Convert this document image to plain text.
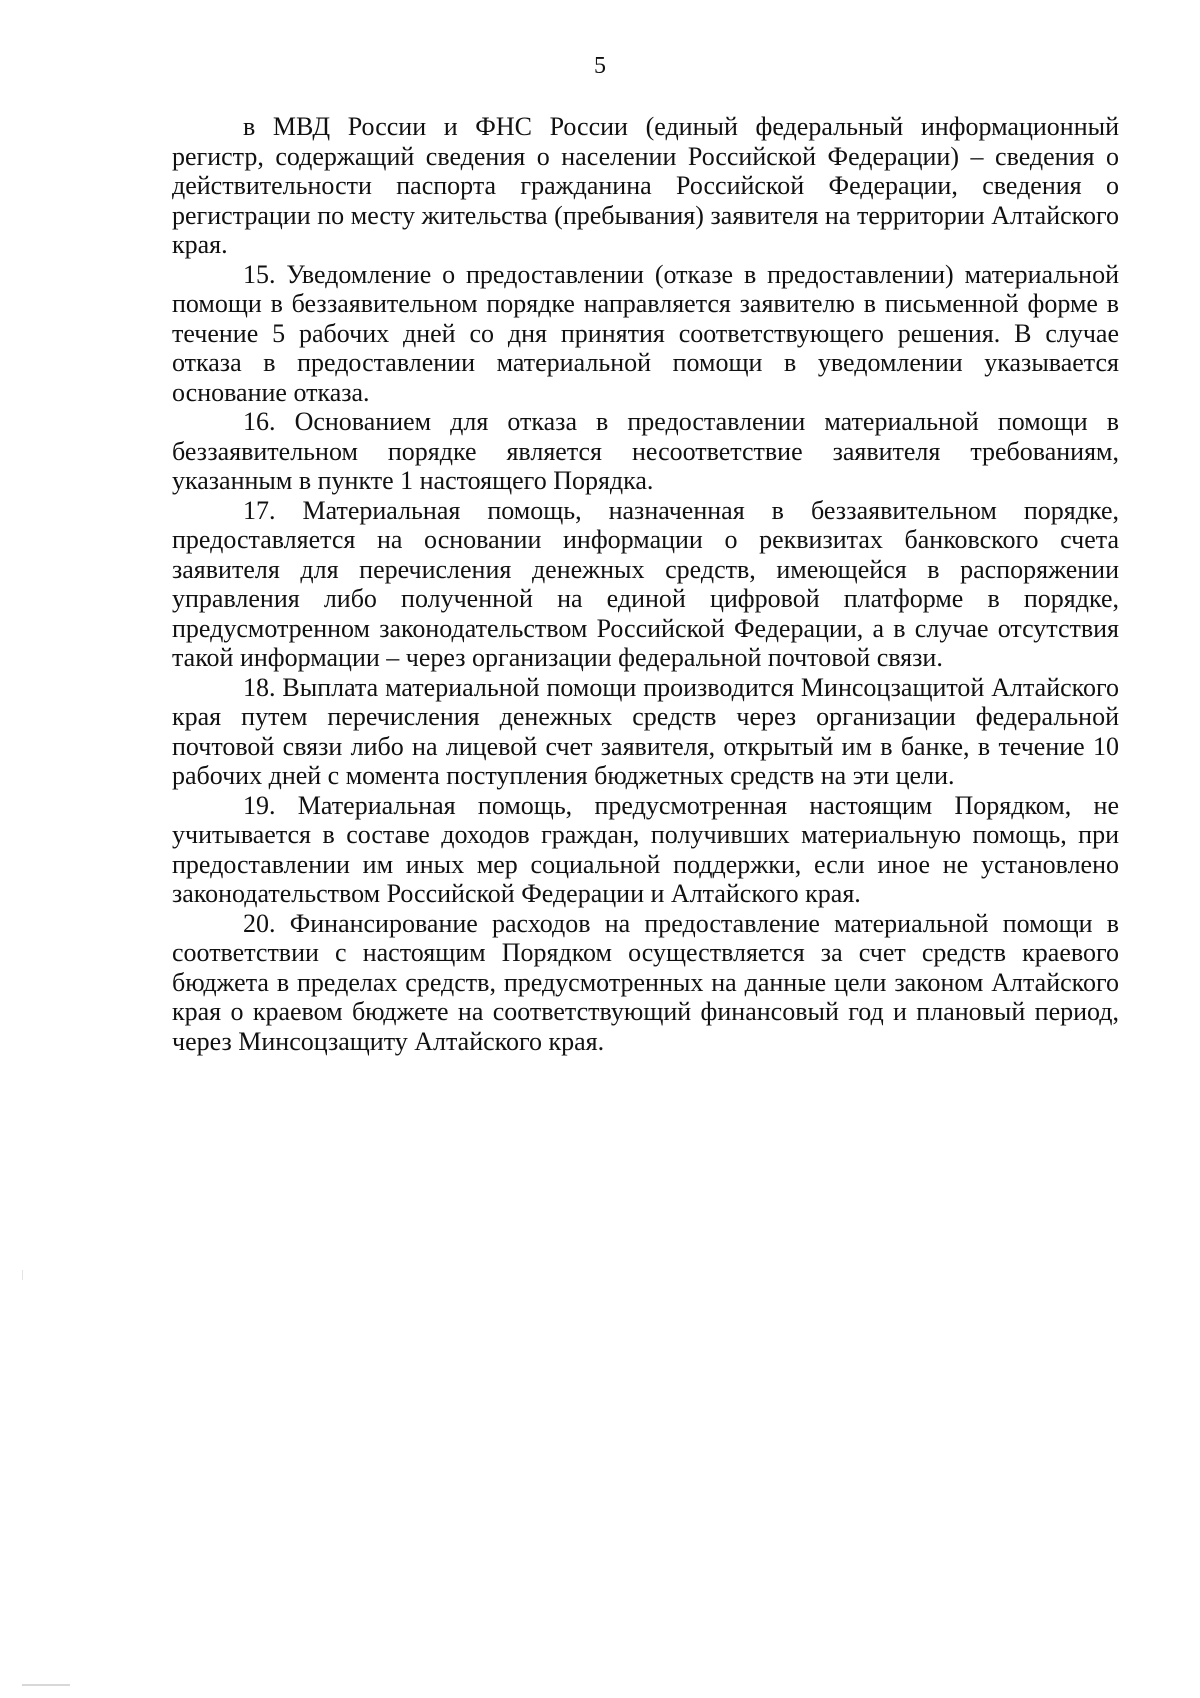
5

в МВД России и ФНС России (единый федеральный информационный регистр, содержащий сведения о населении Российской Федерации) – сведения о действительности паспорта гражданина Российской Федерации, сведения о регистрации по месту жительства (пребывания) заявителя на территории Алтайского края.

15. Уведомление о предоставлении (отказе в предоставлении) материальной помощи в беззаявительном порядке направляется заявителю в письменной форме в течение 5 рабочих дней со дня принятия соответствующего решения. В случае отказа в предоставлении материальной помощи в уведомлении указывается основание отказа.

16. Основанием для отказа в предоставлении материальной помощи в беззаявительном порядке является несоответствие заявителя требованиям, указанным в пункте 1 настоящего Порядка.

17. Материальная помощь, назначенная в беззаявительном порядке, предоставляется на основании информации о реквизитах банковского счета заявителя для перечисления денежных средств, имеющейся в распоряжении управления либо полученной на единой цифровой платформе в порядке, предусмотренном законодательством Российской Федерации, а в случае отсутствия такой информации – через организации федеральной почтовой связи.

18. Выплата материальной помощи производится Минсоцзащитой Алтайского края путем перечисления денежных средств через организации федеральной почтовой связи либо на лицевой счет заявителя, открытый им в банке, в течение 10 рабочих дней с момента поступления бюджетных средств на эти цели.

19. Материальная помощь, предусмотренная настоящим Порядком, не учитывается в составе доходов граждан, получивших материальную помощь, при предоставлении им иных мер социальной поддержки, если иное не установлено законодательством Российской Федерации и Алтайского края.

20. Финансирование расходов на предоставление материальной помощи в соответствии с настоящим Порядком осуществляется за счет средств краевого бюджета в пределах средств, предусмотренных на данные цели законом Алтайского края о краевом бюджете на соответствующий финансовый год и плановый период, через Минсоцзащиту Алтайского края.
